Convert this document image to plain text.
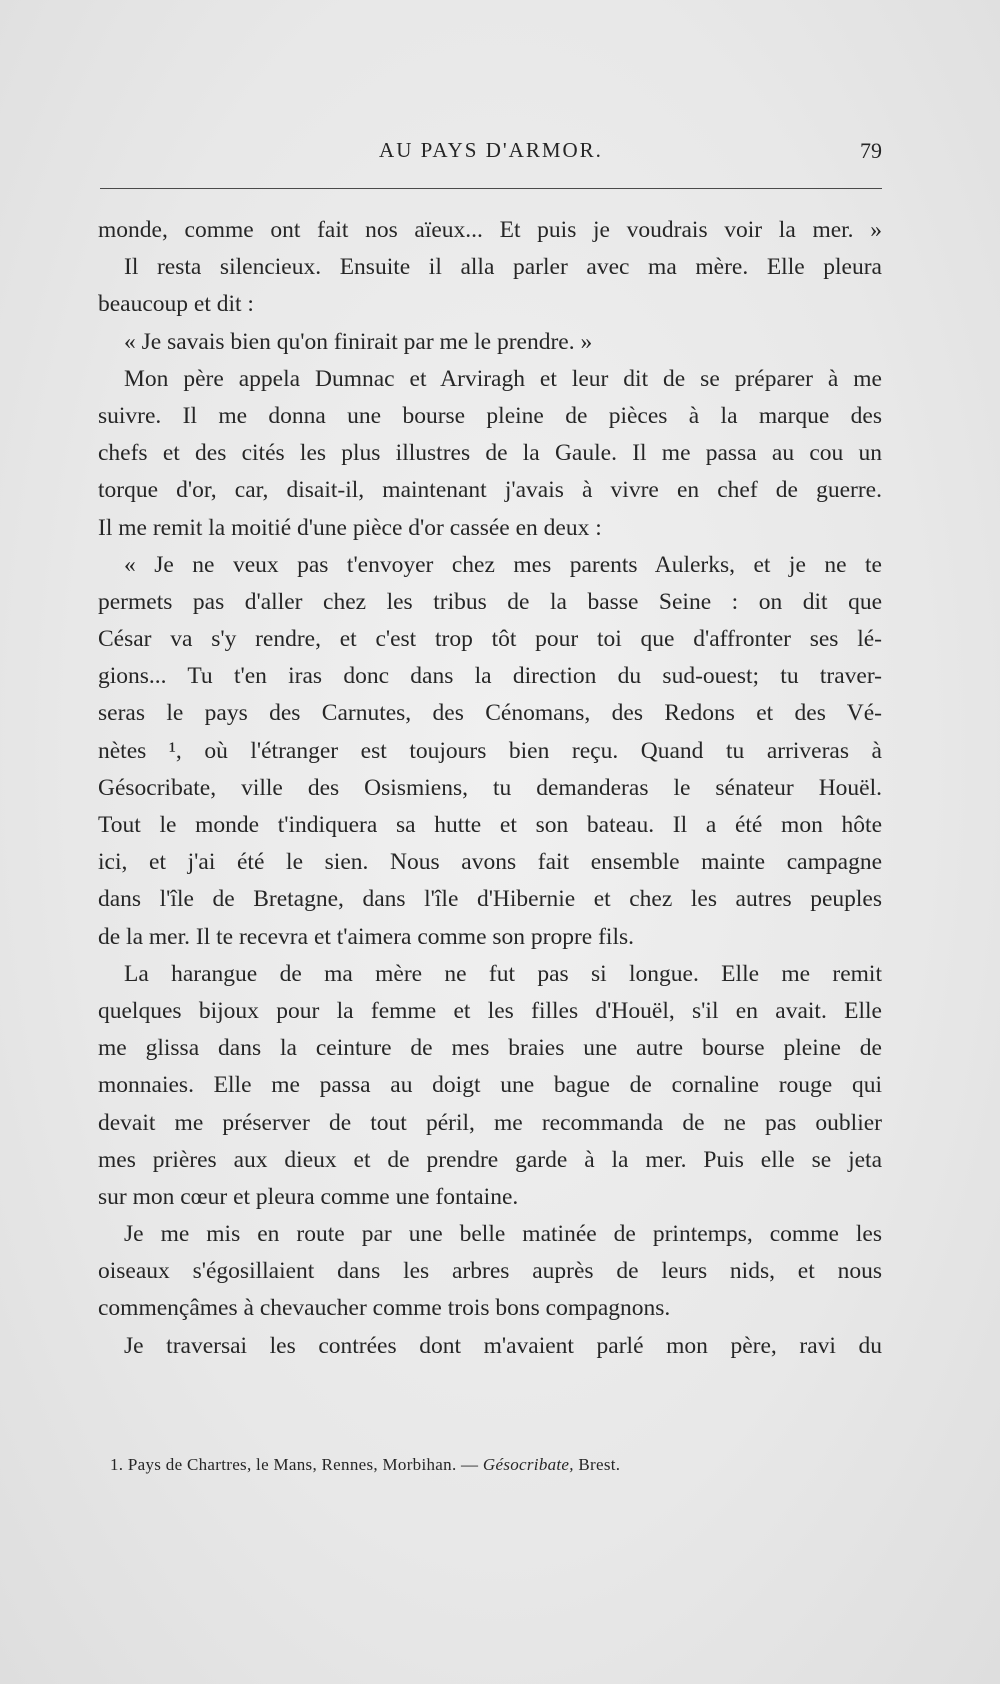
AU PAYS D'ARMOR.	79
monde, comme ont fait nos aïeux... Et puis je voudrais voir la mer. »
Il resta silencieux. Ensuite il alla parler avec ma mère. Elle pleura
beaucoup et dit :
« Je savais bien qu'on finirait par me le prendre. »
Mon père appela Dumnac et Arviragh et leur dit de se préparer à me
suivre. Il me donna une bourse pleine de pièces à la marque des
chefs et des cités les plus illustres de la Gaule. Il me passa au cou un
torque d'or, car, disait-il, maintenant j'avais à vivre en chef de guerre.
Il me remit la moitié d'une pièce d'or cassée en deux :
« Je ne veux pas t'envoyer chez mes parents Aulerks, et je ne te
permets pas d'aller chez les tribus de la basse Seine : on dit que
César va s'y rendre, et c'est trop tôt pour toi que d'affronter ses lé-
gions... Tu t'en iras donc dans la direction du sud-ouest; tu traver-
seras le pays des Carnutes, des Cénomans, des Redons et des Vé-
nètes ¹, où l'étranger est toujours bien reçu. Quand tu arriveras à
Gésocribate, ville des Osismiens, tu demanderas le sénateur Houël.
Tout le monde t'indiquera sa hutte et son bateau. Il a été mon hôte
ici, et j'ai été le sien. Nous avons fait ensemble mainte campagne
dans l'île de Bretagne, dans l'île d'Hibernie et chez les autres peuples
de la mer. Il te recevra et t'aimera comme son propre fils.
La harangue de ma mère ne fut pas si longue. Elle me remit
quelques bijoux pour la femme et les filles d'Houël, s'il en avait. Elle
me glissa dans la ceinture de mes braies une autre bourse pleine de
monnaies. Elle me passa au doigt une bague de cornaline rouge qui
devait me préserver de tout péril, me recommanda de ne pas oublier
mes prières aux dieux et de prendre garde à la mer. Puis elle se jeta
sur mon cœur et pleura comme une fontaine.
Je me mis en route par une belle matinée de printemps, comme les
oiseaux s'égosillaient dans les arbres auprès de leurs nids, et nous
commençâmes à chevaucher comme trois bons compagnons.
Je traversai les contrées dont m'avaient parlé mon père, ravi du
1. Pays de Chartres, le Mans, Rennes, Morbihan. — Gésocribate, Brest.
